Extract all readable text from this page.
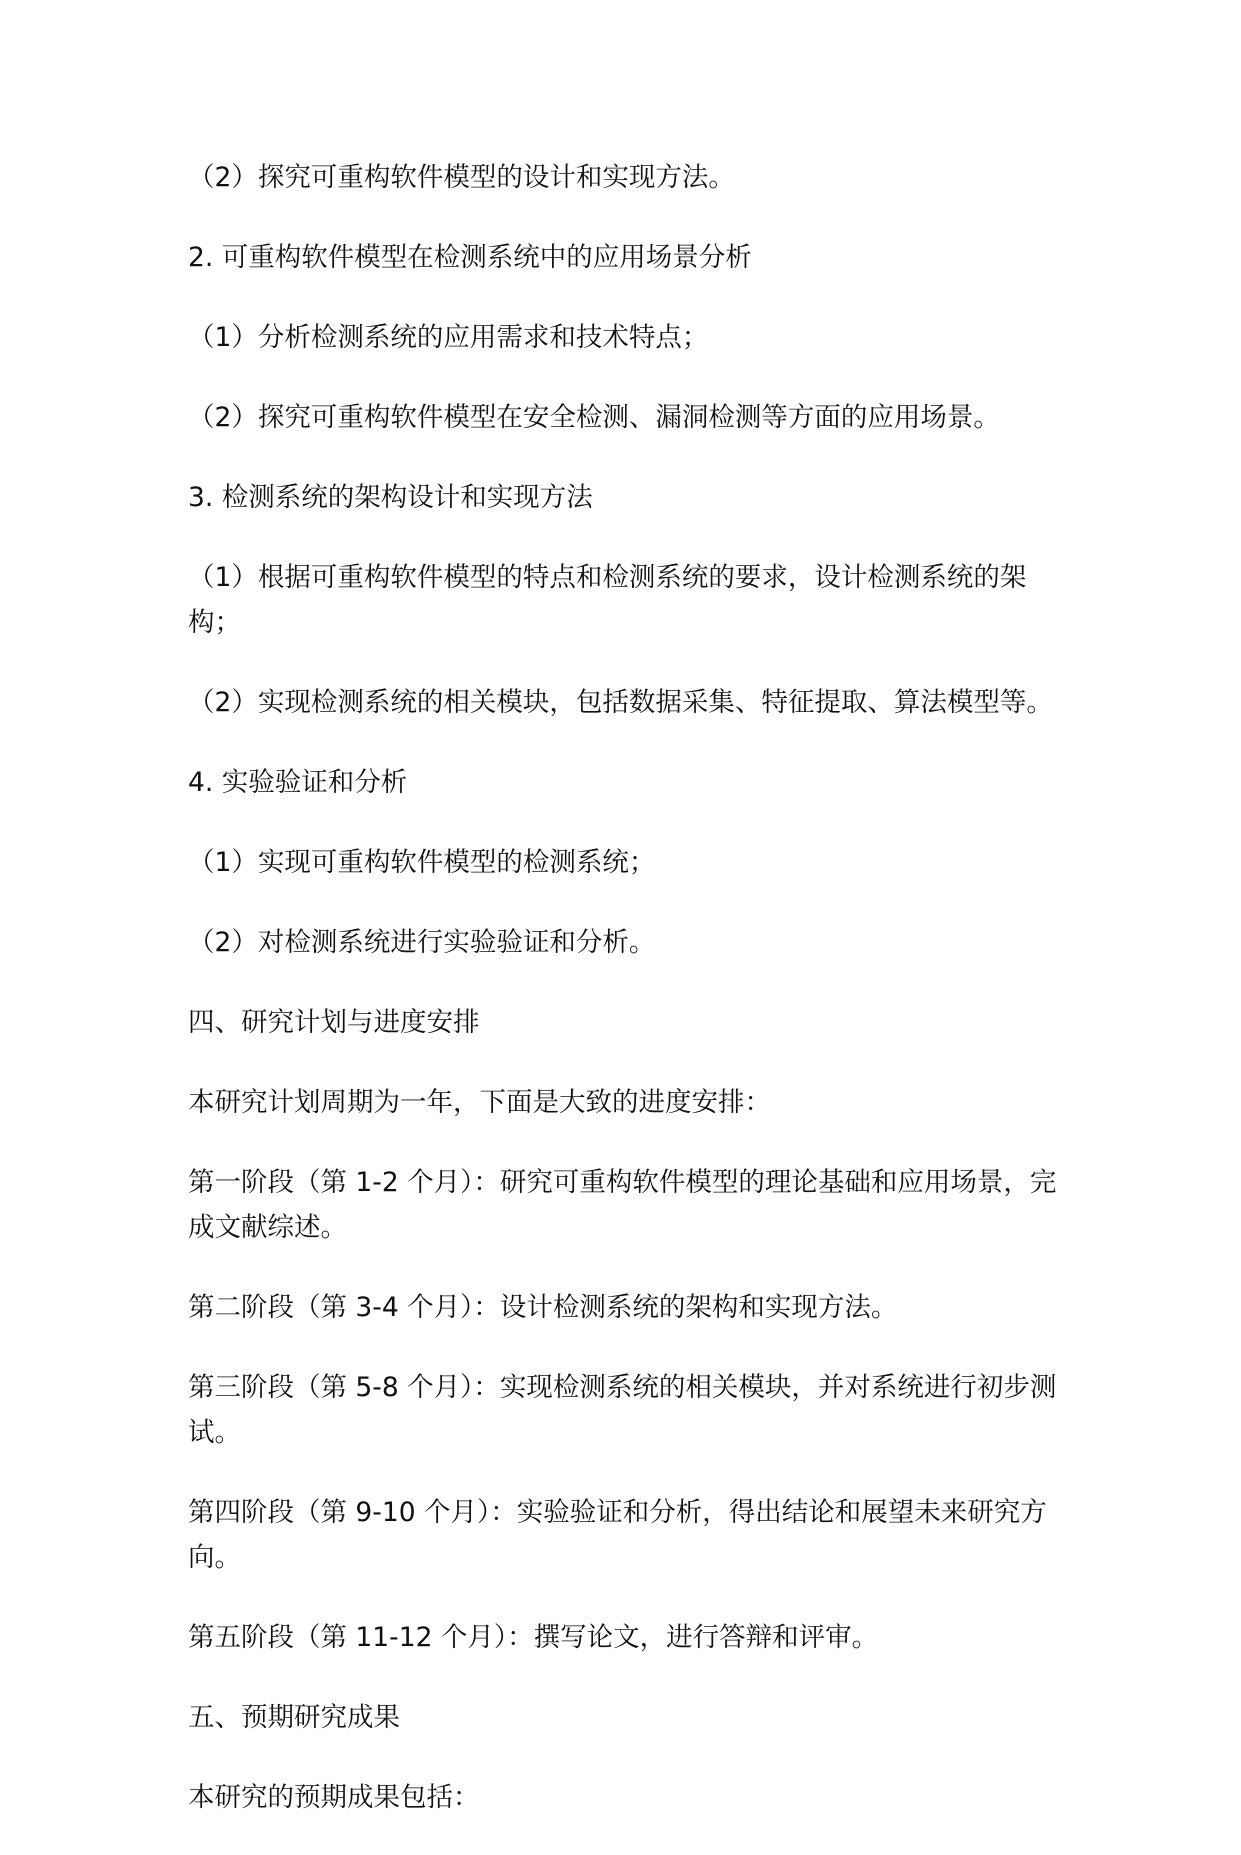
（2）探究可重构软件模型的设计和实现方法。

2. 可重构软件模型在检测系统中的应用场景分析

（1）分析检测系统的应用需求和技术特点；

（2）探究可重构软件模型在安全检测、漏洞检测等方面的应用场景。

3. 检测系统的架构设计和实现方法

（1）根据可重构软件模型的特点和检测系统的要求，设计检测系统的架构；

（2）实现检测系统的相关模块，包括数据采集、特征提取、算法模型等。

4. 实验验证和分析

（1）实现可重构软件模型的检测系统；

（2）对检测系统进行实验验证和分析。

四、研究计划与进度安排

本研究计划周期为一年，下面是大致的进度安排：

第一阶段（第 1-2 个月）：研究可重构软件模型的理论基础和应用场景，完成文献综述。

第二阶段（第 3-4 个月）：设计检测系统的架构和实现方法。

第三阶段（第 5-8 个月）：实现检测系统的相关模块，并对系统进行初步测试。

第四阶段（第 9-10 个月）：实验验证和分析，得出结论和展望未来研究方向。

第五阶段（第 11-12 个月）：撰写论文，进行答辩和评审。

五、预期研究成果

本研究的预期成果包括：
